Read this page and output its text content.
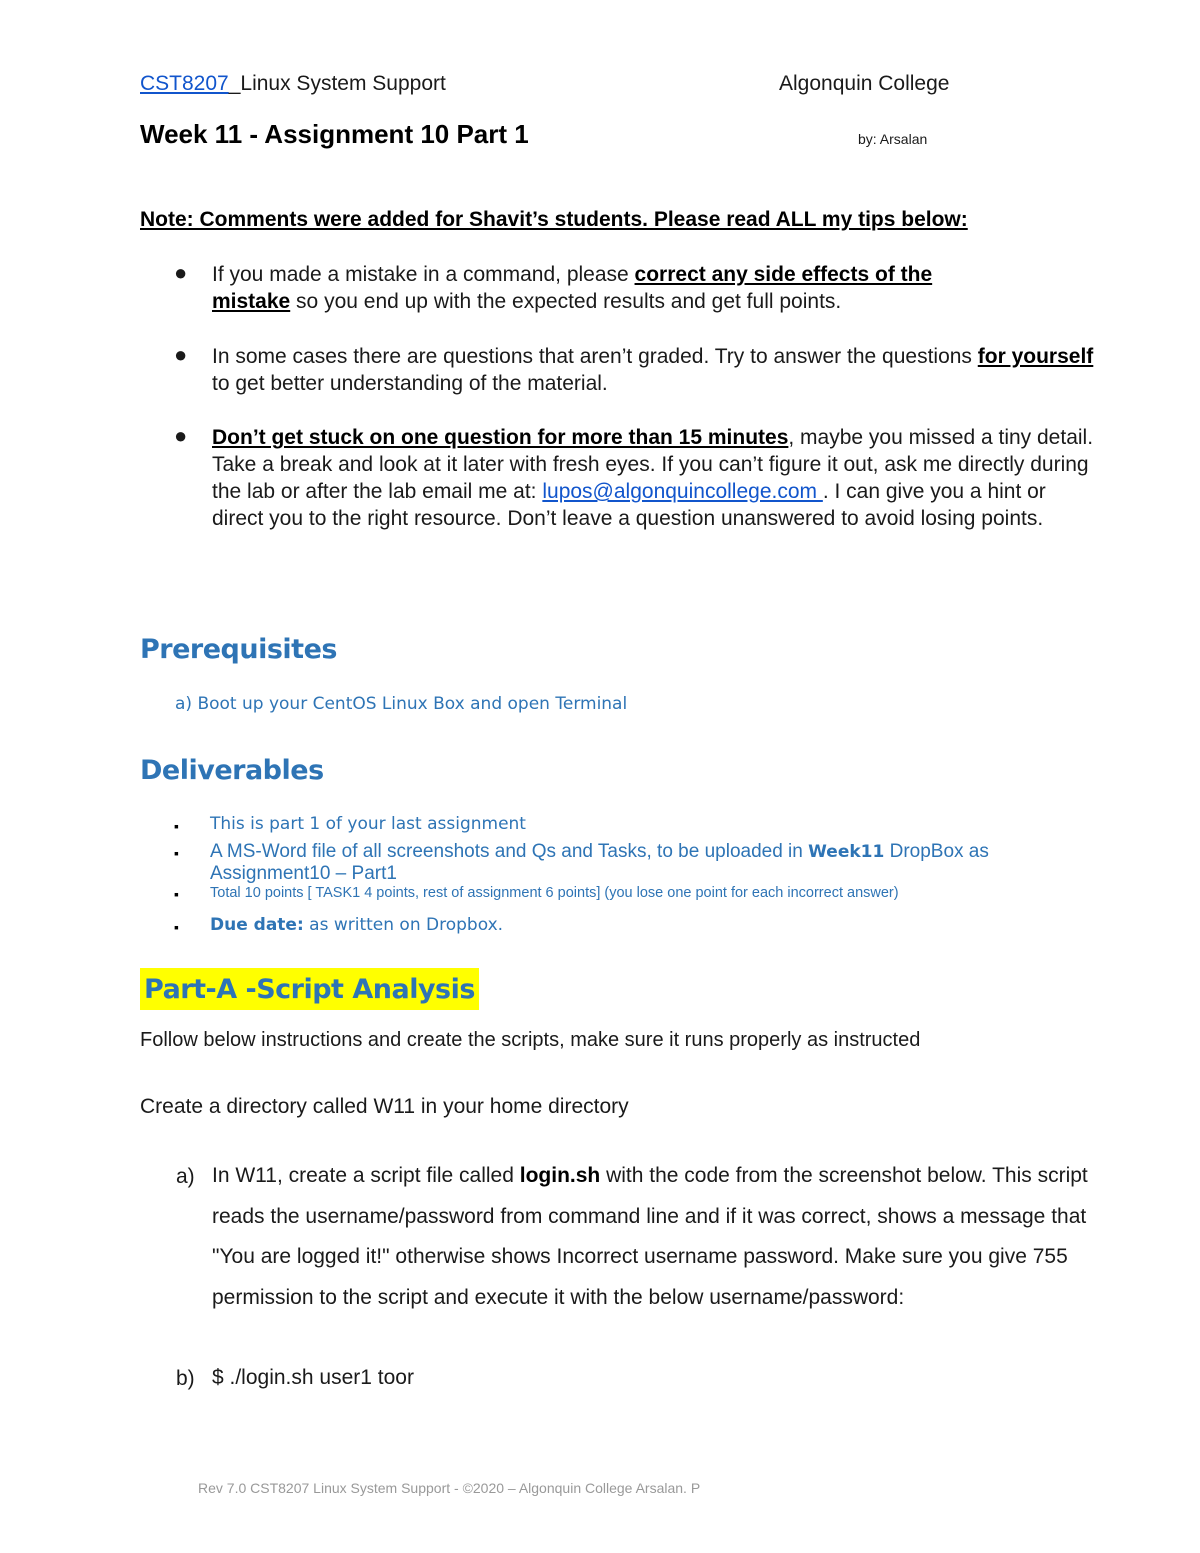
CST8207_Linux System Support	Algonquin College
Week 11 - Assignment 10 Part 1	by: Arsalan
Note: Comments were added for Shavit’s students. Please read ALL my tips below:
● If you made a mistake in a command, please correct any side effects of the
mistake so you end up with the expected results and get full points.
● In some cases there are questions that aren’t graded. Try to answer the questions for yourself to get better understanding of the material.
● Don’t get stuck on one question for more than 15 minutes, maybe you missed a tiny detail. Take a break and look at it later with fresh eyes. If you can’t figure it out, ask me directly during the lab or after the lab email me at: lupos@algonquincollege.com . I can give you a hint or direct you to the right resource. Don’t leave a question unanswered to avoid losing points.
Prerequisites
a) Boot up your CentOS Linux Box and open Terminal
Deliverables
▪ This is part 1 of your last assignment
▪ A MS-Word file of all screenshots and Qs and Tasks, to be uploaded in Week11 DropBox as Assignment10 – Part1
▪ Total 10 points [ TASK1 4 points, rest of assignment 6 points] (you lose one point for each incorrect answer)
▪ Due date: as written on Dropbox.
Part-A -Script Analysis
Follow below instructions and create the scripts, make sure it runs properly as instructed
Create a directory called W11 in your home directory
a) In W11, create a script file called login.sh with the code from the screenshot below. This script reads the username/password from command line and if it was correct, shows a message that "You are logged it!" otherwise shows Incorrect username password. Make sure you give 755 permission to the script and execute it with the below username/password:
b) $ ./login.sh user1 toor
Rev 7.0 CST8207 Linux System Support - ©2020 – Algonquin College Arsalan. P
